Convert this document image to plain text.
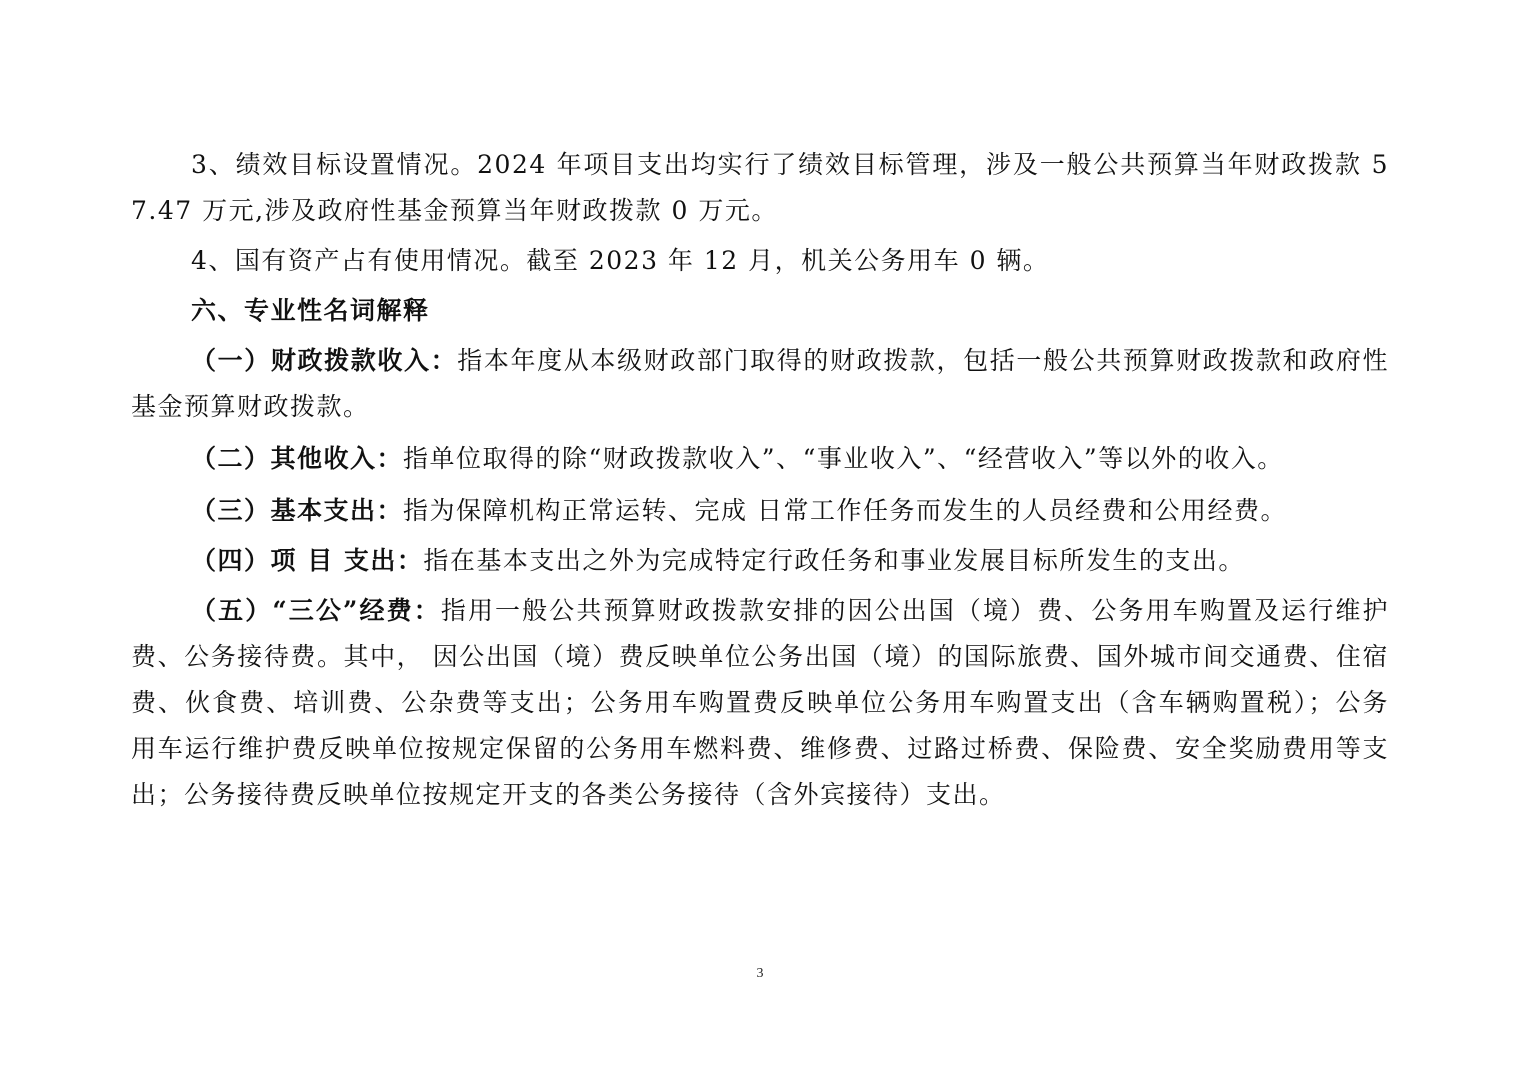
3、绩效目标设置情况。2024 年项目支出均实行了绩效目标管理，涉及一般公共预算当年财政拨款 57.47 万元,涉及政府性基金预算当年财政拨款 0 万元。

4、国有资产占有使用情况。截至 2023 年 12 月，机关公务用车 0 辆。

六、专业性名词解释

（一）财政拨款收入：指本年度从本级财政部门取得的财政拨款，包括一般公共预算财政拨款和政府性基金预算财政拨款。

（二）其他收入：指单位取得的除“财政拨款收入”、“事业收入”、“经营收入”等以外的收入。

（三）基本支出：指为保障机构正常运转、完成 日常工作任务而发生的人员经费和公用经费。

（四）项 目 支出：指在基本支出之外为完成特定行政任务和事业发展目标所发生的支出。

（五）“三公”经费：指用一般公共预算财政拨款安排的因公出国（境）费、公务用车购置及运行维护费、公务接待费。其中， 因公出国（境）费反映单位公务出国（境）的国际旅费、国外城市间交通费、住宿费、伙食费、培训费、公杂费等支出；公务用车购置费反映单位公务用车购置支出（含车辆购置税）；公务用车运行维护费反映单位按规定保留的公务用车燃料费、维修费、过路过桥费、保险费、安全奖励费用等支出；公务接待费反映单位按规定开支的各类公务接待（含外宾接待）支出。

3
